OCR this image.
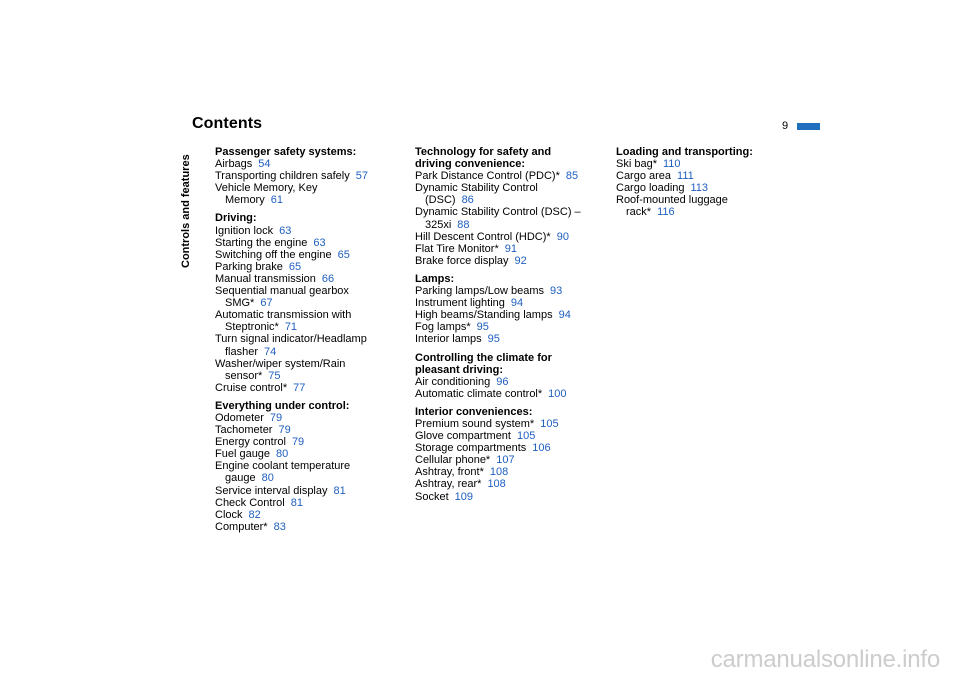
Contents	9
Controls and features
Passenger safety systems:
Airbags 54
Transporting children safely 57
Vehicle Memory, Key
Memory 61
Driving:
Ignition lock 63
Starting the engine 63
Switching off the engine 65
Parking brake 65
Manual transmission 66
Sequential manual gearbox
SMG* 67
Automatic transmission with
Steptronic* 71
Turn signal indicator/Headlamp
flasher 74
Washer/wiper system/Rain
sensor* 75
Cruise control* 77
Everything under control:
Odometer 79
Tachometer 79
Energy control 79
Fuel gauge 80
Engine coolant temperature
gauge 80
Service interval display 81
Check Control 81
Clock 82
Computer* 83
Technology for safety and
driving convenience:
Park Distance Control (PDC)* 85
Dynamic Stability Control
(DSC) 86
Dynamic Stability Control (DSC) –
325xi 88
Hill Descent Control (HDC)* 90
Flat Tire Monitor* 91
Brake force display 92
Lamps:
Parking lamps/Low beams 93
Instrument lighting 94
High beams/Standing lamps 94
Fog lamps* 95
Interior lamps 95
Controlling the climate for
pleasant driving:
Air conditioning 96
Automatic climate control* 100
Interior conveniences:
Premium sound system* 105
Glove compartment 105
Storage compartments 106
Cellular phone* 107
Ashtray, front* 108
Ashtray, rear* 108
Socket 109
Loading and transporting:
Ski bag* 110
Cargo area 111
Cargo loading 113
Roof-mounted luggage
rack* 116
carmanualsonline.info
